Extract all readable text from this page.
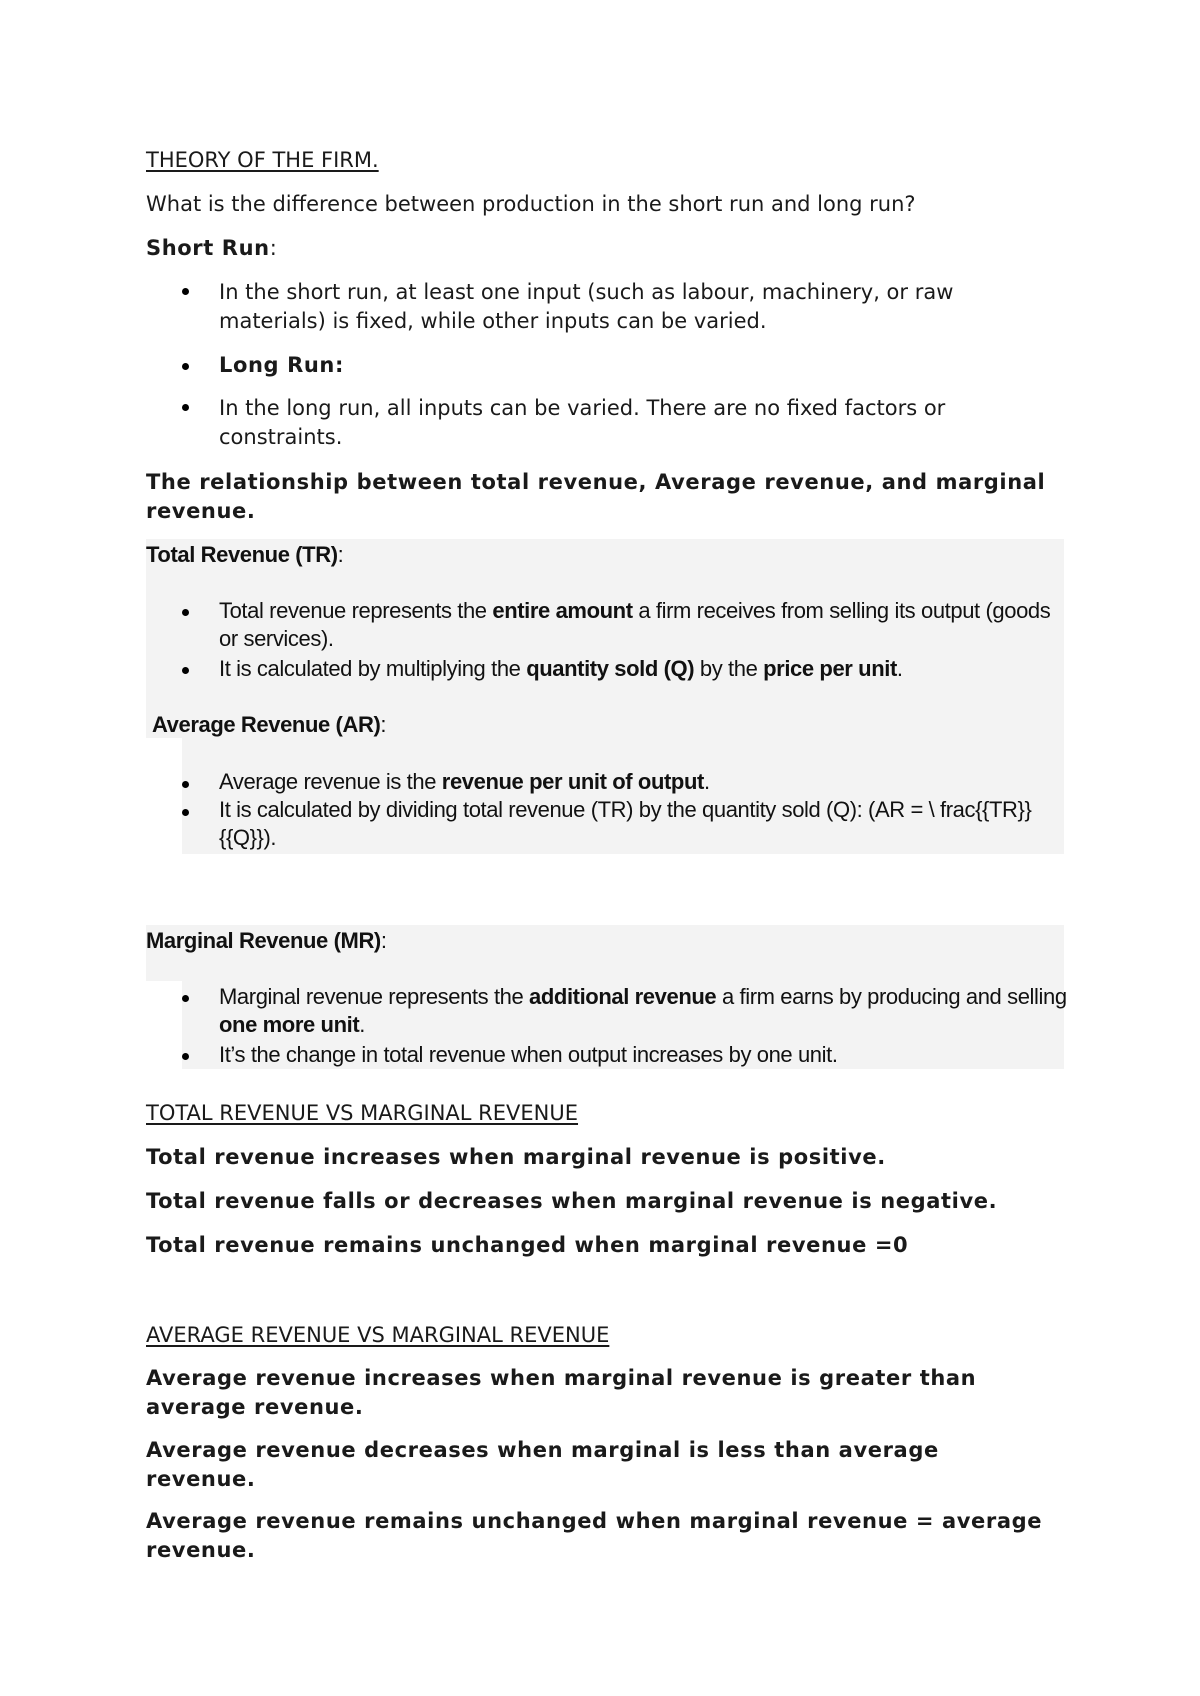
THEORY OF THE FIRM.

What is the difference between production in the short run and long run?

Short Run:

In the short run, at least one input (such as labour, machinery, or raw materials) is fixed, while other inputs can be varied.

Long Run:

In the long run, all inputs can be varied. There are no fixed factors or constraints.

The relationship between total revenue, Average revenue, and marginal revenue.

Total Revenue (TR):

Total revenue represents the entire amount a firm receives from selling its output (goods or services).

It is calculated by multiplying the quantity sold (Q) by the price per unit.

Average Revenue (AR):

Average revenue is the revenue per unit of output.

It is calculated by dividing total revenue (TR) by the quantity sold (Q): (AR = \ frac{{TR}} {{Q}}).

Marginal Revenue (MR):

Marginal revenue represents the additional revenue a firm earns by producing and selling one more unit.

It’s the change in total revenue when output increases by one unit.

TOTAL REVENUE VS MARGINAL REVENUE

Total revenue increases when marginal revenue is positive.

Total revenue falls or decreases when marginal revenue is negative.

Total revenue remains unchanged when marginal revenue =0

AVERAGE REVENUE VS MARGINAL REVENUE

Average revenue increases when marginal revenue is greater than average revenue.

Average revenue decreases when marginal is less than average revenue.

Average revenue remains unchanged when marginal revenue = average revenue.
